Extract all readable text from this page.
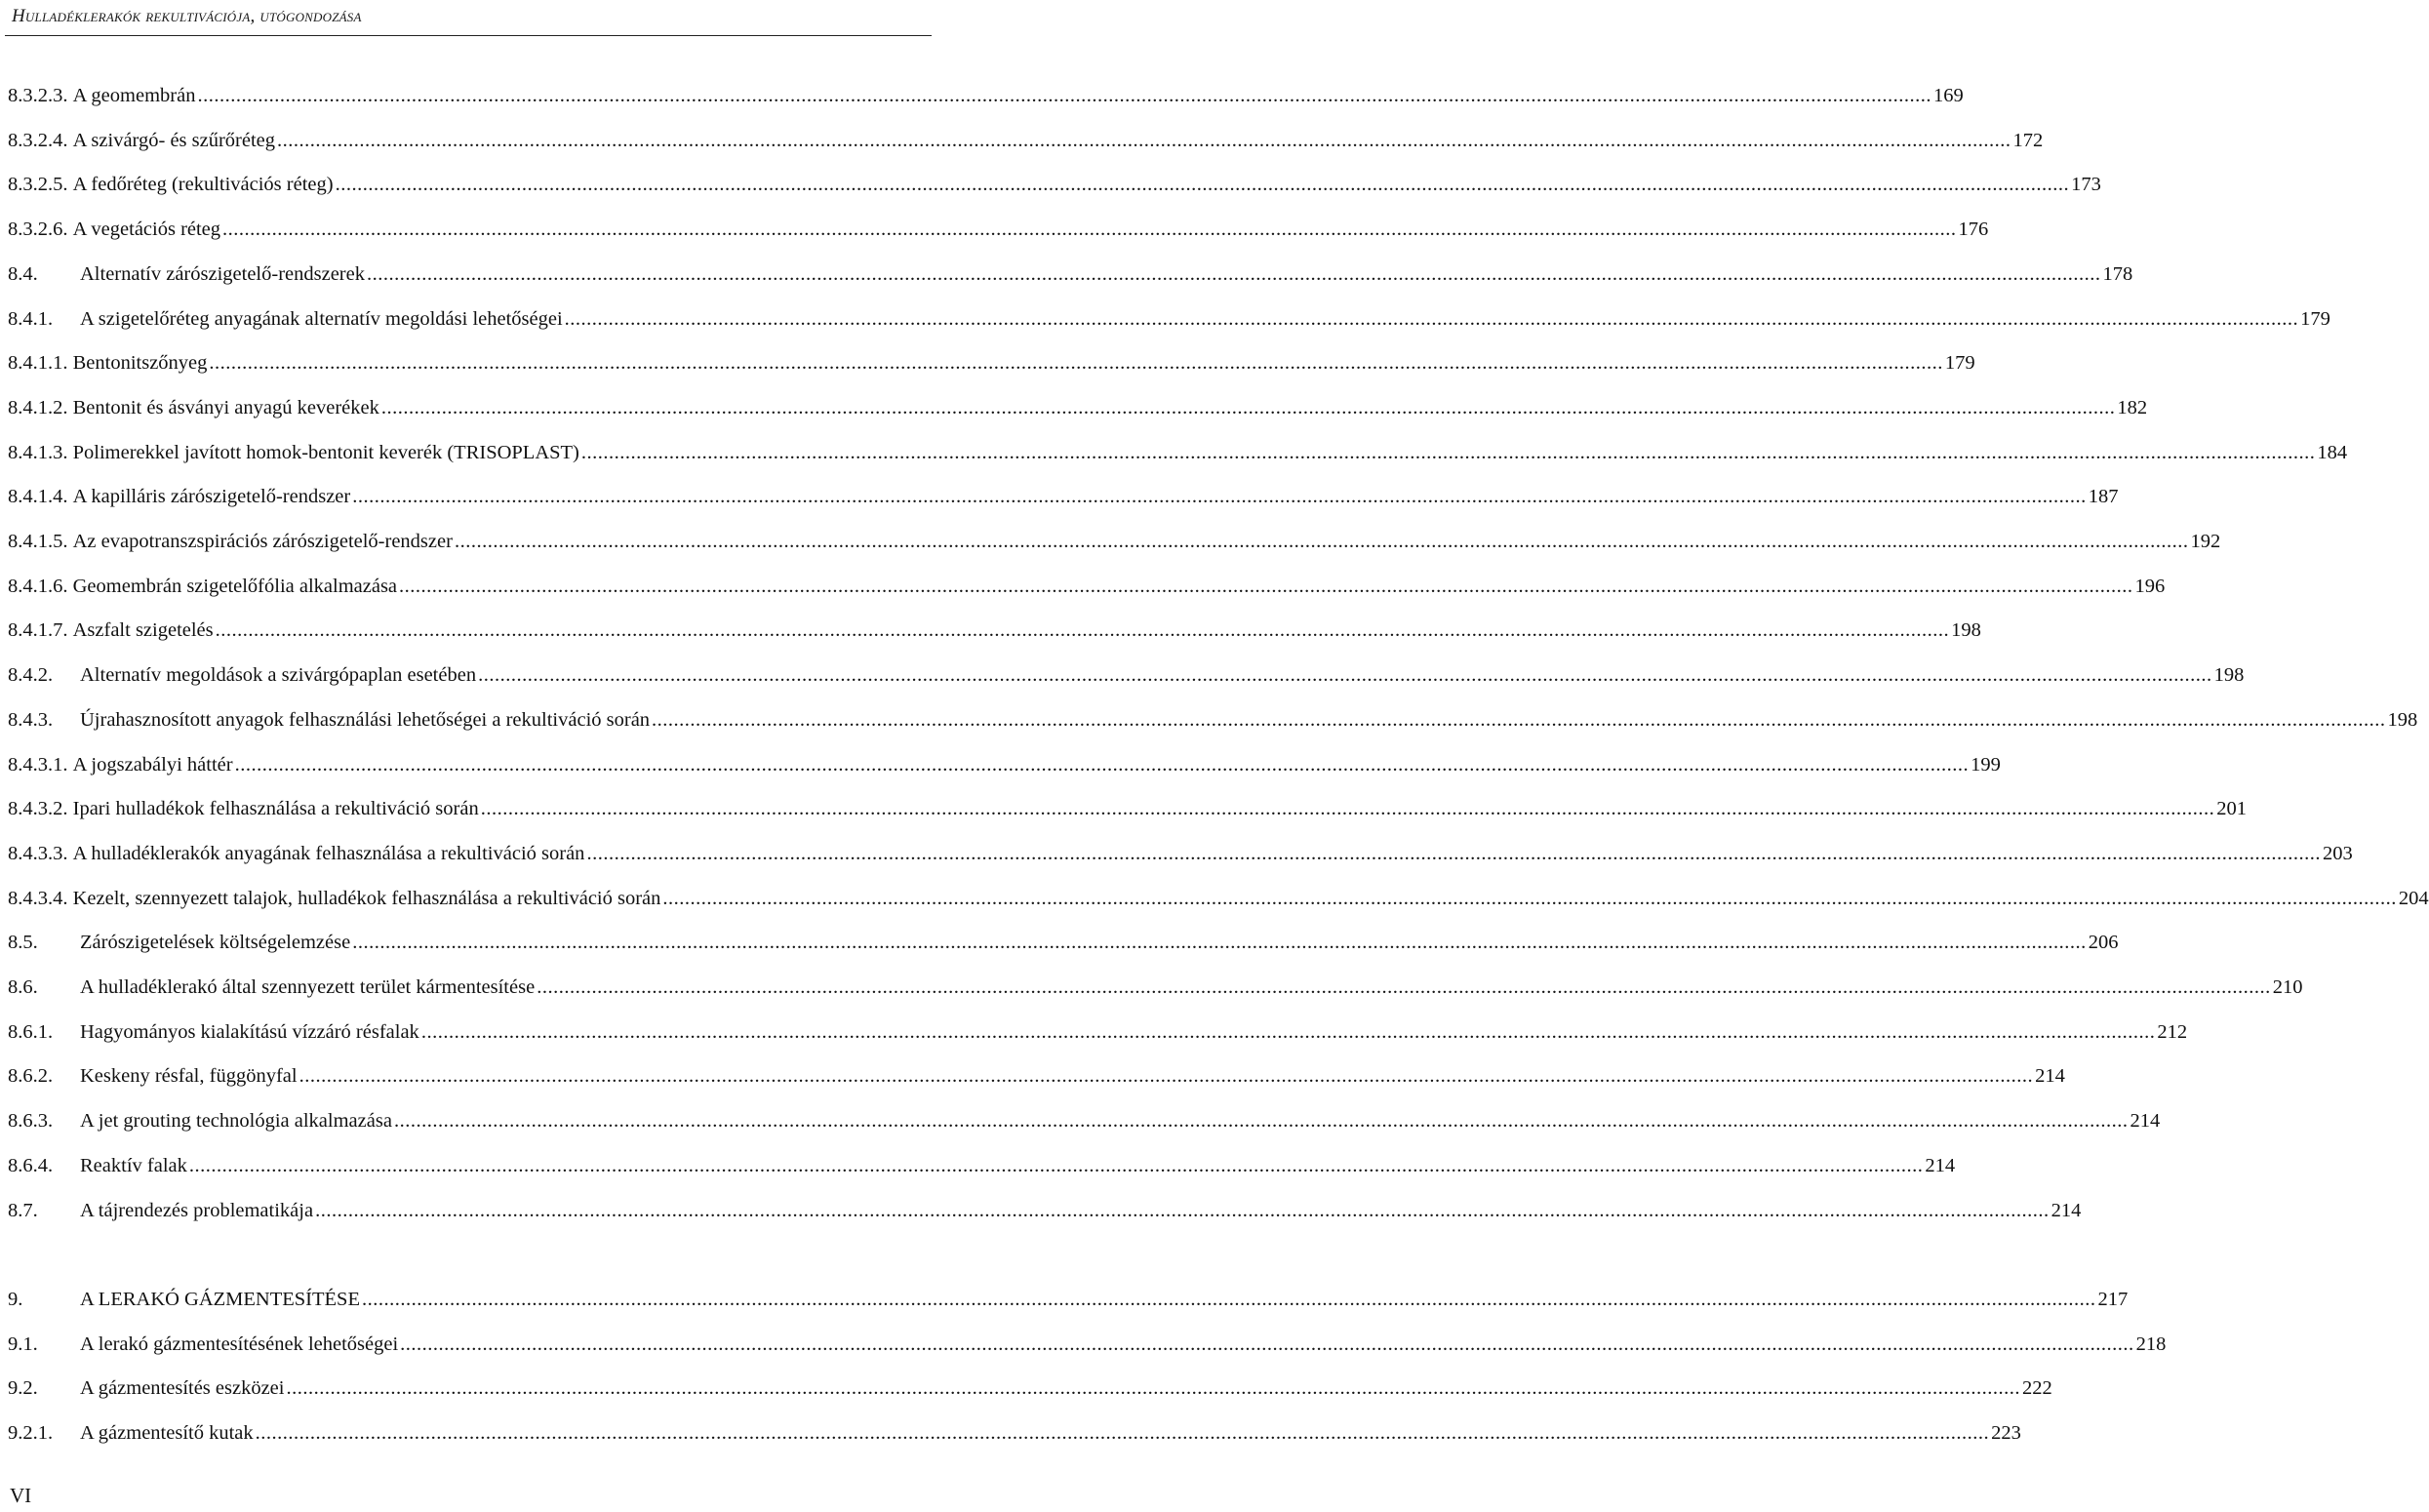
Hulladéklerakók rekultivációja, utógondozása
8.3.2.3. A geomembrán .....	169
8.3.2.4. A szivárgó- és szűrőréteg .....	172
8.3.2.5. A fedőréteg (rekultivációs réteg) .....	173
8.3.2.6. A vegetációs réteg .....	176
8.4.	Alternatív zárószigetelő-rendszerek .....	178
8.4.1.	A szigetelőréteg anyagának alternatív megoldási lehetőségei .....	179
8.4.1.1. Bentonitszőnyeg .....	179
8.4.1.2. Bentonit és ásványi anyagú keverékek .....	182
8.4.1.3. Polimerekkel javított homok-bentonit keverék (TRISOPLAST) .....	184
8.4.1.4. A kapilláris zárószigetelő-rendszer .....	187
8.4.1.5. Az evapotranszspirációs zárószigetelő-rendszer .....	192
8.4.1.6. Geomembrán szigetelőfólia alkalmazása .....	196
8.4.1.7. Aszfalt szigetelés .....	198
8.4.2.	Alternatív megoldások a szivárgópaplan esetében .....	198
8.4.3.	Újrahasznosított anyagok felhasználási lehetőségei a rekultiváció során .....	198
8.4.3.1. A jogszabályi háttér .....	199
8.4.3.2. Ipari hulladékok felhasználása a rekultiváció során .....	201
8.4.3.3. A hulladéklerakók anyagának felhasználása a rekultiváció során .....	203
8.4.3.4. Kezelt, szennyezett talajok, hulladékok felhasználása a rekultiváció során .....	204
8.5.	Zárószigetelések költségelemzése .....	206
8.6.	A hulladéklerakó által szennyezett terület kármentesítése .....	210
8.6.1.	Hagyományos kialakítású vízzáró résfalak .....	212
8.6.2.	Keskeny résfal, függönyfal .....	214
8.6.3.	A jet grouting technológia alkalmazása .....	214
8.6.4.	Reaktív falak .....	214
8.7.	A tájrendezés problematikája .....	214
9.	A LERAKÓ GÁZMENTESÍTÉSE .....	217
9.1.	A lerakó gázmentesítésének lehetőségei .....	218
9.2.	A gázmentesítés eszközei .....	222
9.2.1.	A gázmentesítő kutak .....	223
VI
